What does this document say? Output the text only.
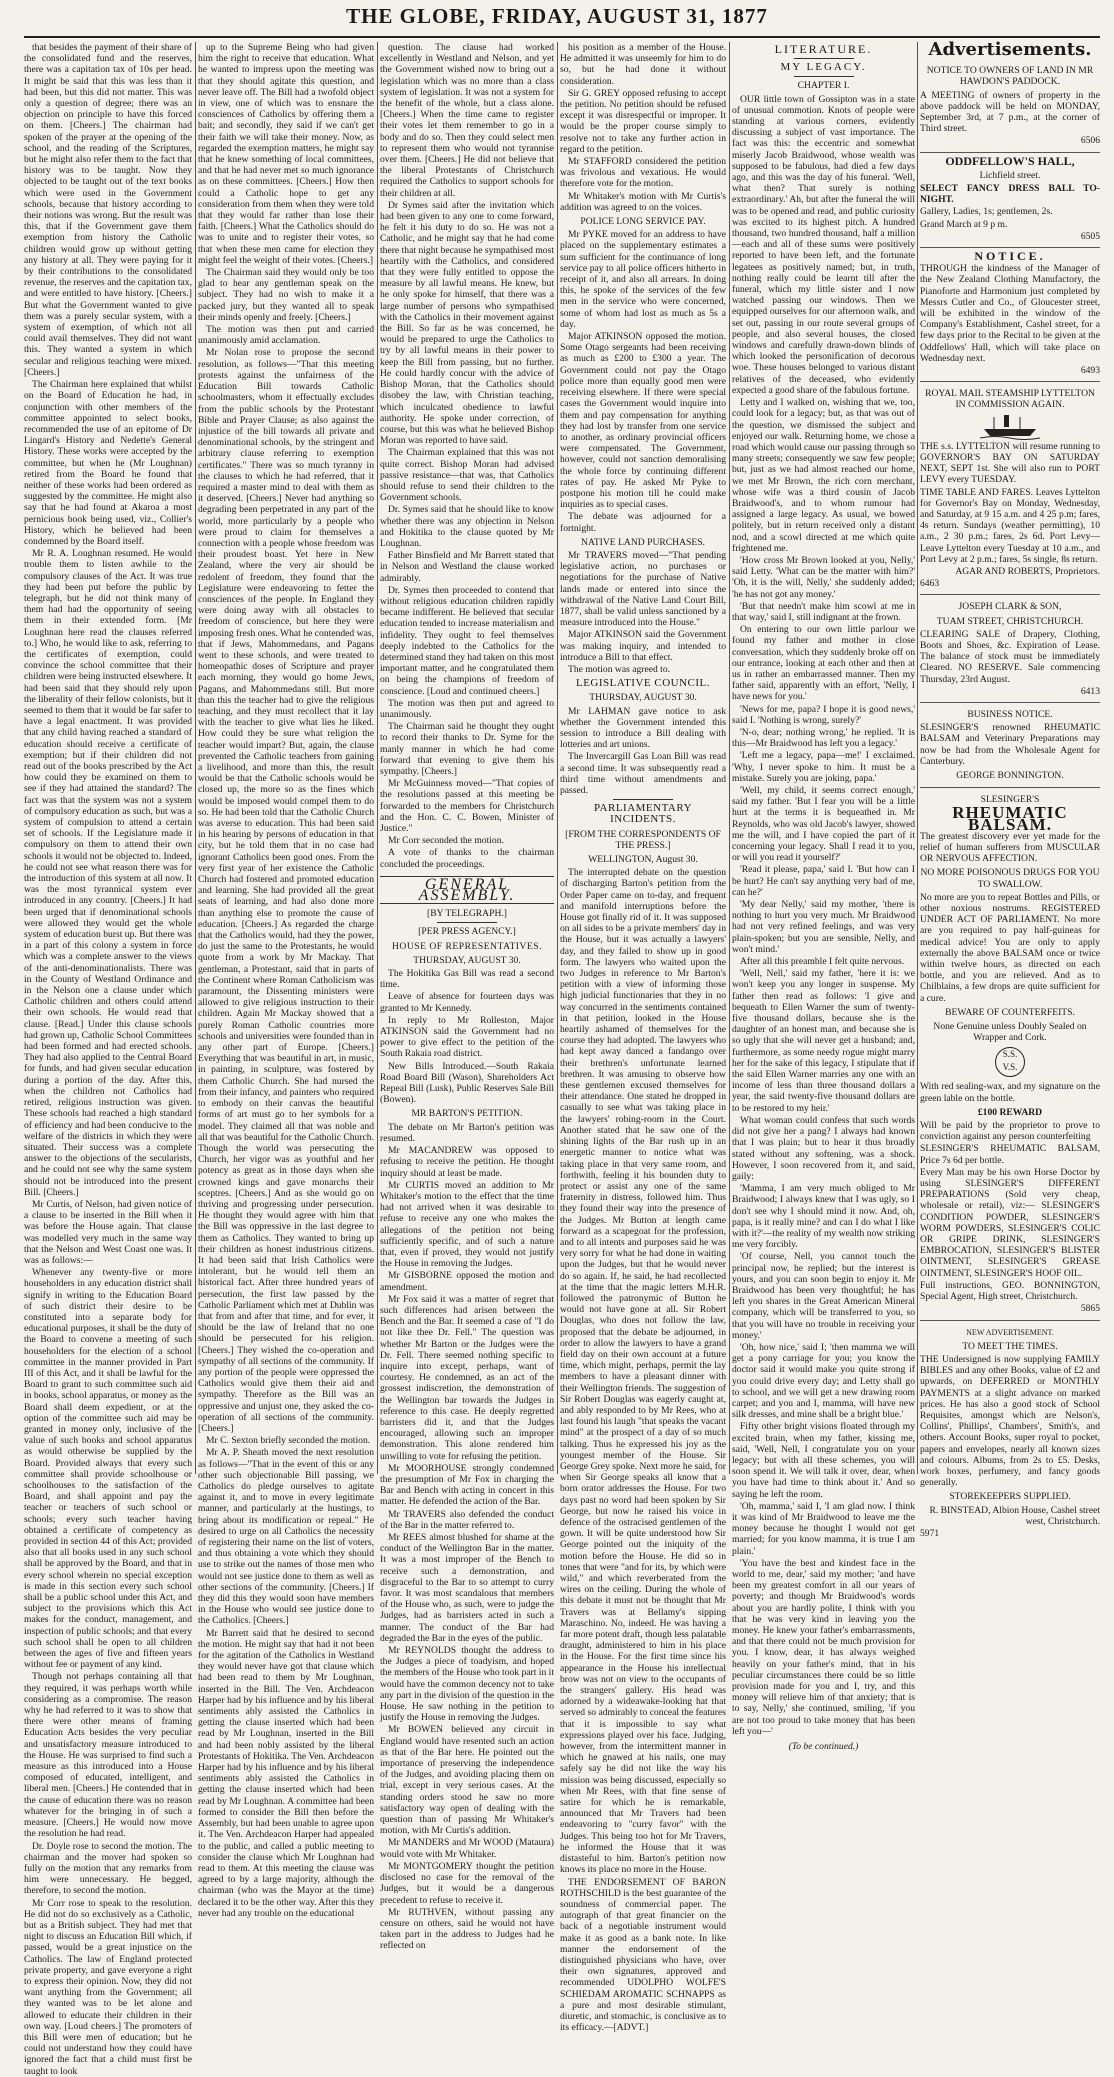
THE GLOBE, FRIDAY, AUGUST 31, 1877

that besides the payment of their share of the consolidated fund and the reserves, there was a capitation tax of 10s per head. It might be said that this was less than it had been, but this did not matter. This was only a question of degree; there was an objection on principle to have this forced on them. [Cheers.] The chairman had spoken of the prayer at the opening of the school, and the reading of the Scriptures, but he might also refer them to the fact that history was to be taught. Now they objected to be taught out of the text books which were used in the Government schools, because that history according to their notions was wrong. But the result was this, that if the Government gave them exemption from history the Catholic children would grow up without getting any history at all. They were paying for it by their contributions to the consolidated revenue, the reserves and the capitation tax, and were entitled to have history. [Cheers.] But what the Government wanted to give them was a purely secular system, with a system of exemption, of which not all could avail themselves. They did not want this. They wanted a system in which secular and religious teaching were mixed. [Cheers.]

The Chairman here explained that whilst on the Board of Education he had, in conjunction with other members of the committee appointed to select books, recommended the use of an epitome of Dr Lingard's History and Nedette's General History. These works were accepted by the committee, but when he (Mr Loughnan) retired from the Board he found that neither of these works had been ordered as suggested by the committee. He might also say that he had found at Akaroa a most pernicious book being used, viz., Collier's History, which he believed had been condemned by the Board itself.

Mr R. A. Loughnan resumed. He would trouble them to listen awhile to the compulsory clauses of the Act. It was true they had been put before the public by telegraph, but he did not think many of them had had the opportunity of seeing them in their extended form. [Mr Loughnan here read the clauses referred to.] Who, he would like to ask, referring to the certificates of exemption, could convince the school committee that their children were being instructed elsewhere. It had been said that they should rely upon the liberality of their fellow colonists, but it seemed to them that it would be far safer to have a legal enactment. It was provided that any child having reached a standard of education should receive a certificate of exemption; but if their children did not read out of the books prescribed by the Act how could they be examined on them to see if they had attained the standard? The fact was that the system was not a system of compulsory education as such, but was a system of compulsion to attend a certain set of schools. If the Legislature made it compulsory on them to attend their own schools it would not be objected to. Indeed, he could not see what reason there was for the introduction of this system at all now. It was the most tyrannical system ever introduced in any country. [Cheers.] It had been urged that if denominational schools were allowed they would get the whole system of education burst up. But there was in a part of this colony a system in force which was a complete answer to the views of the anti-denominationalists. There was in the County of Westland Ordinance and in the Nelson one a clause under which Catholic children and others could attend their own schools. He would read that clause. [Read.] Under this clause schools had grown up, Catholic School Committees had been formed and had erected schools. They had also applied to the Central Board for funds, and had given secular education during a portion of the day. After this, when the children not Catholics had retired, religious instruction was given. These schools had reached a high standard of efficiency and had been conducive to the welfare of the districts in which they were situated. Their success was a complete answer to the objections of the secularists, and he could not see why the same system should not be introduced into the present Bill. [Cheers.]

Mr Curtis, of Nelson, had given notice of a clause to be inserted in the Bill when it was before the House again. That clause was modelled very much in the same way that the Nelson and West Coast one was. It was as follows:—

Whenever any twenty-five or more householders in any education district shall signify in writing to the Education Board of such district their desire to be constituted into a separate body for educational purposes, it shall be the duty of the Board to convene a meeting of such householders for the election of a school committee in the manner provided in Part III of this Act, and it shall be lawful for the Board to grant to such committee such aid in books, school apparatus, or money as the Board shall deem expedient, or at the option of the committee such aid may be granted in money only, inclusive of the value of such books and school apparatus as would otherwise be supplied by the Board. Provided always that every such committee shall provide schoolhouse or schoolhouses to the satisfaction of the Board, and shall appoint and pay the teacher or teachers of such school or schools; every such teacher having obtained a certificate of competency as provided in section 44 of this Act; provided also that all books used in any such school shall be approved by the Board, and that in every school wherein no special exception is made in this section every such school shall be a public school under this Act, and subject to the provisions which this Act makes for the conduct, management, and inspection of public schools; and that every such school shall be open to all children between the ages of five and fifteen years without fee or payment of any kind.

Though not perhaps containing all that they required, it was perhaps worth while considering as a compromise. The reason why he had referred to it was to show that there were other means of framing Education Acts besides the very peculiar and unsatisfactory measure introduced to the House. He was surprised to find such a measure as this introduced into a House composed of educated, intelligent, and liberal men. [Cheers.] He contended that in the cause of education there was no reason whatever for the bringing in of such a measure. [Cheers.] He would now move the resolution he had read.

Dr. Doyle rose to second the motion. The chairman and the mover had spoken so fully on the motion that any remarks from him were unnecessary. He begged, therefore, to second the motion.

Mr Corr rose to speak to the resolution. He did not do so exclusively as a Catholic, but as a British subject. They had met that night to discuss an Education Bill which, if passed, would be a great injustice on the Catholics. The law of England protected private property, and gave everyone a right to express their opinion. Now, they did not want anything from the Government; all they wanted was to be let alone and allowed to educate their children in their own way. [Loud cheers.] The promoters of this Bill were men of education; but he could not understand how they could have ignored the fact that a child must first be taught to look

up to the Supreme Being who had given him the right to receive that education. What he wanted to impress upon the meeting was that they should agitate this question, and never leave off. The Bill had a twofold object in view, one of which was to ensnare the consciences of Catholics by offering them a bait; and secondly, they said if we can't get their faith we will take their money. Now, as regarded the exemption matters, he might say that he knew something of local committees, and that he had never met so much ignorance as on these committees. [Cheers.] How then could a Catholic hope to get any consideration from them when they were told that they would far rather than lose their faith. [Cheers.] What the Catholics should do was to unite and to register their votes, so that when these men came for election they might feel the weight of their votes. [Cheers.]

The Chairman said they would only be too glad to hear any gentleman speak on the subject. They had no wish to make it a packed jury, but they wanted all to speak their minds openly and freely. [Cheers.]

The motion was then put and carried unanimously amid acclamation.

Mr Nolan rose to propose the second resolution, as follows—"That this meeting protests against the unfairness of the Education Bill towards Catholic schoolmasters, whom it effectually excludes from the public schools by the Protestant Bible and Prayer Clause; as also against the injustice of the bill towards all private and denominational schools, by the stringent and arbitrary clause referring to exemption certificates." There was so much tyranny in the clauses to which he had referred, that it required a master mind to deal with them as it deserved. [Cheers.] Never had anything so degrading been perpetrated in any part of the world, more particularly by a people who were proud to claim for themselves a connection with a people whose freedom was their proudest boast. Yet here in New Zealand, where the very air should be redolent of freedom, they found that the Legislature were endeavoring to fetter the consciences of the people. In England they were doing away with all obstacles to freedom of conscience, but here they were imposing fresh ones. What he contended was, that if Jews, Mahommedans, and Pagans went to these schools, and were treated to homeopathic doses of Scripture and prayer each morning, they would go home Jews, Pagans, and Mahommedans still. But more than this the teacher had to give the religious teaching, and they must recollect that it lay with the teacher to give what lies he liked. How could they be sure what religion the teacher would impart? But, again, the clause prevented the Catholic teachers from gaining a livelihood, and more than this, the result would be that the Catholic schools would be closed up, the more so as the fines which would be imposed would compel them to do so. He had been told that the Catholic Church was averse to education. This had been said in his hearing by persons of education in that city, but he told them that in no case had ignorant Catholics been good ones. From the very first year of her existence the Catholic Church had fostered and promoted education and learning. She had provided all the great seats of learning, and had also done more than anything else to promote the cause of education. [Cheers.] As regarded the charge that the Catholics would, had they the power, do just the same to the Protestants, he would quote from a work by Mr Mackay. That gentleman, a Protestant, said that in parts of the Continent where Roman Catholicism was paramount, the Dissenting ministers were allowed to give religious instruction to their children. Again Mr Mackay showed that a purely Roman Catholic countries more schools and universities were founded than in any other part of Europe. [Cheers.] Everything that was beautiful in art, in music, in painting, in sculpture, was fostered by them Catholic Church. She had nursed the from their infancy, and painters who required to embody on their canvas the beautiful forms of art must go to her symbols for a model. They claimed all that was noble and all that was beautiful for the Catholic Church. Though the world was persecuting the Church, her vigor was as youthful and her potency as great as in those days when she crowned kings and gave monarchs their sceptres. [Cheers.] And as she would go on thriving and progressing under persecution. He thought they would agree with him that the Bill was oppressive in the last degree to them as Catholics. They wanted to bring up their children as honest industrious citizens. It had been said that Irish Catholics were intolerant, but he would tell them an historical fact. After three hundred years of persecution, the first law passed by the Catholic Parliament which met at Dublin was that from and after that time, and for ever, it should be the law of Ireland that no one should be persecuted for his religion. [Cheers.] They wished the co-operation and sympathy of all sections of the community. If any portion of the people were oppressed the Catholics would give them their aid and sympathy. Therefore as the Bill was an oppressive and unjust one, they asked the co-operation of all sections of the community. [Cheers.]

Mr C. Sexton briefly seconded the motion.

Mr A. P. Sheath moved the next resolution as follows—"That in the event of this or any other such objectionable Bill passing, we Catholics do pledge ourselves to agitate against it, and to move in every legitimate manner, and particularly at the hustings, to bring about its modification or repeal." He desired to urge on all Catholics the necessity of registering their name on the list of voters, and thus obtaining a vote which they should use to strike out the names of those men who would not see justice done to them as well as other sections of the community. [Cheers.] If they did this they would soon have members in the House who would see justice done to the Catholics. [Cheers.]

Mr Barrett said that he desired to second the motion. He might say that had it not been for the agitation of the Catholics in Westland they would never have got that clause which had been read to them by Mr Loughnan, inserted in the Bill. The Ven. Archdeacon Harper had by his influence and by his liberal sentiments ably assisted the Catholics in getting the clause inserted which had been read by Mr Loughnan, inserted in the Bill and had been nobly assisted by the liberal Protestants of Hokitika. The Ven. Archdeacon Harper had by his influence and by his liberal sentiments ably assisted the Catholics in getting the clause inserted which had been read by Mr Loughnan. A committee had been formed to consider the Bill then before the Assembly, but had been unable to agree upon it. The Ven. Archdeacon Harper had appealed to the public, and called a public meeting to consider the clause which Mr Loughnan had read to them. At this meeting the clause was agreed to by a large majority, although the chairman (who was the Mayor at the time) declared it to be the other way. After this they never had any trouble on the educational

question. The clause had worked excellently in Westland and Nelson, and yet the Government wished now to bring out a legislation which was no more than a class system of legislation. It was not a system for the benefit of the whole, but a class alone. [Cheers.] When the time came to register their votes let them remember to go in a body and do so. Then they could select men to represent them who would not tyrannise over them. [Cheers.] He did not believe that the liberal Protestants of Christchurch required the Catholics to support schools for their children at all.

Dr Symes said after the invitation which had been given to any one to come forward, he felt it his duty to do so. He was not a Catholic, and he might say that he had come there that night because he sympathised most heartily with the Catholics, and considered that they were fully entitled to oppose the measure by all lawful means. He knew, but he only spoke for himself, that there was a large number of persons who sympathised with the Catholics in their movement against the Bill. So far as he was concerned, he would be prepared to urge the Catholics to try by all lawful means in their power to keep the Bill from passing, but no further. He could hardly concur with the advice of Bishop Moran, that the Catholics should disobey the law, with Christian teaching, which inculcated obedience to lawful authority. He spoke under correction, of course, but this was what he believed Bishop Moran was reported to have said.

The Chairman explained that this was not quite correct. Bishop Moran had advised passive resistance—that was, that Catholics should refuse to send their children to the Government schools.

Dr. Symes said that he should like to know whether there was any objection in Nelson and Hokitika to the clause quoted by Mr Loughnan.

Father Binsfield and Mr Barrett stated that in Nelson and Westland the clause worked admirably.

Dr. Symes then proceeded to contend that without religious education children rapidly became indifferent. He believed that secular education tended to increase materialism and infidelity. They ought to feel themselves deeply indebted to the Catholics for the determined stand they had taken on this most important matter, and he congratulated them on being the champions of freedom of conscience. [Loud and continued cheers.]

The motion was then put and agreed to unanimously.

The Chairman said he thought they ought to record their thanks to Dr. Syme for the manly manner in which he had come forward that evening to give them his sympathy. [Cheers.]

Mr McGuinness moved—"That copies of the resolutions passed at this meeting be forwarded to the members for Christchurch and the Hon. C. C. Bowen, Minister of Justice."

Mr Corr seconded the motion.

A vote of thanks to the chairman concluded the proceedings.

GENERAL ASSEMBLY.

[BY TELEGRAPH.]

[PER PRESS AGENCY.]

HOUSE OF REPRESENTATIVES.

THURSDAY, AUGUST 30.

The Hokitika Gas Bill was read a second time.

Leave of absence for fourteen days was granted to Mr Kennedy.

In reply to Mr Rolleston, Major ATKINSON said the Government had no power to give effect to the petition of the South Rakaia road district.

New Bills Introduced.—South Rakaia Road Board Bill (Wason), Shareholders Act Repeal Bill (Lusk), Public Reserves Sale Bill (Bowen).

MR BARTON'S PETITION.

The debate on Mr Barton's petition was resumed.

Mr MACANDREW was opposed to refusing to receive the petition. He thought inquiry should at least be made.

Mr CURTIS moved an addition to Mr Whitaker's motion to the effect that the time had not arrived when it was desirable to refuse to receive any one who makes the allegations of the petition not being sufficiently specific, and of such a nature that, even if proved, they would not justify the House in removing the Judges.

Mr GISBORNE opposed the motion and amendment.

Mr Fox said it was a matter of regret that such differences had arisen between the Bench and the Bar. It seemed a case of "I do not like thee Dr. Fell." The question was whether Mr Barton or the Judges were the Dr. Fell. There seemed nothing specific to inquire into except, perhaps, want of courtesy. He condemned, as an act of the grossest indiscretion, the demonstration of the Wellington bar towards the Judges in reference to this case. He deeply regretted barristers did it, and that the Judges encouraged, allowing such an improper demonstration. This alone rendered him unwilling to vote for refusing the petition.

Mr MOORHOUSE strongly condemned the presumption of Mr Fox in charging the Bar and Bench with acting in concert in this matter. He defended the action of the Bar.

Mr TRAVERS also defended the conduct of the Bar in the matter referred to.

Mr REES almost blushed for shame at the conduct of the Wellington Bar in the matter. It was a most improper of the Bench to receive such a demonstration, and disgraceful to the Bar to so attempt to curry favor. It was most scandalous that members of the House who, as such, were to judge the Judges, had as barristers acted in such a manner. The conduct of the Bar had degraded the Bar in the eyes of the public.

Mr REYNOLDS thought the address to the Judges a piece of toadyism, and hoped the members of the House who took part in it would have the common decency not to take any part in the division of the question in the House. He saw nothing in the petition to justify the House in removing the Judges.

Mr BOWEN believed any circuit in England would have resented such an action as that of the Bar here. He pointed out the importance of preserving the independence of the Judges, and avoiding placing them on trial, except in very serious cases. At the standing orders stood he saw no more satisfactory way open of dealing with the question than of passing Mr Whitaker's motion, with Mr Curtis's addition.

Mr MANDERS and Mr WOOD (Mataura) would vote with Mr Whitaker.

Mr MONTGOMERY thought the petition disclosed no case for the removal of the Judges, but it would be a dangerous precedent to refuse to receive it.

Mr RUTHVEN, without passing any censure on others, said he would not have taken part in the address to Judges had he reflected on

his position as a member of the House. He admitted it was unseemly for him to do so, but he had done it without consideration.

Sir G. GREY opposed refusing to accept the petition. No petition should be refused except it was disrespectful or improper. It would be the proper course simply to resolve not to take any further action in regard to the petition.

Mr STAFFORD considered the petition was frivolous and vexatious. He would therefore vote for the motion.

Mr Whitaker's motion with Mr Curtis's addition was agreed to on the voices.

POLICE LONG SERVICE PAY.

Mr PYKE moved for an address to have placed on the supplementary estimates a sum sufficient for the continuance of long service pay to all police officers hitherto in receipt of it, and also all arrears. In doing this, he spoke of the services of the few men in the service who were concerned, some of whom had lost as much as 5s a day.

Major ATKINSON opposed the motion. Some Otago sergeants had been receiving as much as £200 to £300 a year. The Government could not pay the Otago police more than equally good men were receiving elsewhere. If there were special cases the Government would inquire into them and pay compensation for anything they had lost by transfer from one service to another, as ordinary provincial officers were compensated. The Government, however, could not sanction demoralising the whole force by continuing different rates of pay. He asked Mr Pyke to postpone his motion till he could make inquiries as to special cases.

The debate was adjourned for a fortnight.

NATIVE LAND PURCHASES.

Mr TRAVERS moved—"That pending legislative action, no purchases or negotiations for the purchase of Native lands made or entered into since the withdrawal of the Native Land Court Bill, 1877, shall be valid unless sanctioned by a measure introduced into the House."

Major ATKINSON said the Government was making inquiry, and intended to introduce a Bill to that effect.

The motion was agreed to.

LEGISLATIVE COUNCIL.

THURSDAY, AUGUST 30.

Mr LAHMAN gave notice to ask whether the Government intended this session to introduce a Bill dealing with lotteries and art unions.

The Invercargill Gas Loan Bill was read a second time. It was subsequently read a third time without amendments and passed.

PARLIAMENTARY INCIDENTS.

[FROM THE CORRESPONDENTS OF THE PRESS.]

WELLINGTON, August 30.

The interrupted debate on the question of discharging Barton's petition from the Order Paper came on to-day, and frequent and manifold interruptions before the House got finally rid of it. It was supposed on all sides to be a private members' day in the House, but it was actually a lawyers' day, and they failed to show up in good form. The lawyers who waited upon the two Judges in reference to Mr Barton's petition with a view of informing those high judicial functionaries that they in no way concurred in the sentiments contained in that petition, looked in the House heartily ashamed of themselves for the course they had adopted. The lawyers who had kept away danced a fandango over their brethren's unfortunate learned brethren. It was amusing to observe how these gentlemen excused themselves for their attendance. One stated he dropped in casually to see what was taking place in the lawyers' robing-room in the Court. Another stated that he saw one of the shining lights of the Bar rush up in an energetic manner to notice what was taking place in that very same room, and forthwith, feeling it his bounden duty to protect or assist any one of the same fraternity in distress, followed him. Thus they found their way into the presence of the Judges. Mr Button at length came forward as a scapegoat for the profession, and to all intents and purposes said he was very sorry for what he had done in waiting upon the Judges, but that he would never do so again. If, he said, he had recollected at the time that the magic letters M.H.R. followed the patronymic of Button he would not have gone at all. Sir Robert Douglas, who does not follow the law, proposed that the debate be adjourned, in order to allow the lawyers to have a grand field day on their own account at a future time, which might, perhaps, permit the lay members to have a pleasant dinner with their Wellington friends. The suggestion of Sir Robert Douglas was eagerly caught at, and ably responded to by Mr Rees, who at last found his laugh "that speaks the vacant mind" at the prospect of a day of so much talking. Thus he expressed his joy as the youngest member of the House. Sir George Grey spoke. Next more he said, for when Sir George speaks all know that a born orator addresses the House. For two days past no word had been spoken by Sir George, but now he raised his voice in defence of the ostracised gentlemen of the gown. It will be quite understood how Sir George pointed out the iniquity of the motion before the House. He did so in tones that were "and for its, by which were wild," and which reverberated from the wires on the ceiling. During the whole of this debate it must not be thought that Mr Travers was at Bellamy's sipping Maraschino. No, indeed. He was having a far more potent draft, though less palatable draught, administered to him in his place in the House. For the first time since his appearance in the House his intellectual brow was not on view to the occupants of the strangers' gallery. His head was adorned by a wideawake-looking hat that served so admirably to conceal the features that it is impossible to say what expressions played over his face. Judging, however, from the intermittent manner in which he gnawed at his nails, one may safely say he did not like the way his mission was being discussed, especially so when Mr Rees, with that fine sense of satire for which he is remarkable, announced that Mr Travers had been endeavoring to "curry favor" with the Judges. This being too hot for Mr Travers, he informed the House that it was distasteful to him. Barton's petition now knows its place no more in the House.

THE ENDORSEMENT OF BARON ROTHSCHILD is the best guarantee of the soundness of commercial paper. The autograph of that great financier on the back of a negotiable instrument would make it as good as a bank note. In like manner the endorsement of the distinguished physicians who have, over their own signatures, approved and recommended UDOLPHO WOLFE'S SCHIEDAM AROMATIC SCHNAPPS as a pure and most desirable stimulant, diuretic, and stomachic, is conclusive as to its efficacy.—[ADVT.]

LITERATURE.
MY LEGACY.

CHAPTER I.

OUR little town of Gossipton was in a state of unusual commotion. Knots of people were standing at various corners, evidently discussing a subject of vast importance. The fact was this: the eccentric and somewhat miserly Jacob Braidwood, whose wealth was supposed to be fabulous, had died a few days ago, and this was the day of his funeral. 'Well, what then? That surely is nothing extraordinary.' Ah, but after the funeral the will was to be opened and read, and public curiosity was excited to its highest pitch. A hundred thousand, two hundred thousand, half a million—each and all of these sums were positively reported to have been left, and the fortunate legatees as positively named; but, in truth, nothing really could be learnt till after the funeral, which my little sister and I now watched passing our windows. Then we equipped ourselves for our afternoon walk, and set out, passing in our route several groups of people, and also several houses, the closed windows and carefully drawn-down blinds of which looked the personification of decorous woe. These houses belonged to various distant relatives of the deceased, who evidently expected a good share of the fabulous fortune.

Letty and I walked on, wishing that we, too, could look for a legacy; but, as that was out of the question, we dismissed the subject and enjoyed our walk. Returning home, we chose a road which would cause our passing through so many streets; consequently we saw few people; but, just as we had almost reached our home, we met Mr Brown, the rich corn merchant, whose wife was a third cousin of Jacob Braidwood's, and to whom rumour had assigned a large legacy. As usual, we bowed politely, but in return received only a distant nod, and a scowl directed at me which quite frightened me.

'How cross Mr Brown looked at you, Nelly,' said Letty. 'What can be the matter with him?' 'Oh, it is the will, Nelly,' she suddenly added; 'he has not got any money.'

'But that needn't make him scowl at me in that way,' said I, still indignant at the frown.

On entering to our own little parlour we found my father and mother in close conversation, which they suddenly broke off on our entrance, looking at each other and then at us in rather an embarrassed manner. Then my father said, apparently with an effort, 'Nelly, I have news for you.'

'News for me, papa? I hope it is good news,' said I. 'Nothing is wrong, surely?'

'N-o, dear; nothing wrong,' he replied. 'It is this—Mr Braidwood has left you a legacy.'

'Left me a legacy, papa—me!' I exclaimed. 'Why, I never spoke to him. It must be a mistake. Surely you are joking, papa.'

'Well, my child, it seems correct enough,' said my father. 'But I fear you will be a little hurt at the terms it is bequeathed in. Mr Reynolds, who was old Jacob's lawyer, showed me the will, and I have copied the part of it concerning your legacy. Shall I read it to you, or will you read it yourself?'

'Read it please, papa,' said I. 'But how can I be hurt? He can't say anything very bad of me, can he?'

'My dear Nelly,' said my mother, 'there is nothing to hurt you very much. Mr Braidwood had not very refined feelings, and was very plain-spoken; but you are sensible, Nelly, and won't mind.'

After all this preamble I felt quite nervous.

'Well, Nell,' said my father, 'here it is: we won't keep you any longer in suspense. My father then read as follows: 'I give and bequeath to Ellen Warner the sum of twenty-five thousand dollars, because she is the daughter of an honest man, and because she is so ugly that she will never get a husband; and, furthermore, as some needy rogue might marry her for the sake of this legacy, I stipulate that if the said Ellen Warner marries any one with an income of less than three thousand dollars a year, the said twenty-five thousand dollars are to be restored to my heir.'

What woman could confess that such words did not give her a pang? I always had known that I was plain; but to hear it thus broadly stated without any softening, was a shock. However, I soon recovered from it, and said, gaily:

'Mamma, I am very much obliged to Mr Braidwood; I always knew that I was ugly, so I don't see why I should mind it now. And, oh, papa, is it really mine? and can I do what I like with it?'—the reality of my wealth now striking me very forcibly.

'Of course, Nell, you cannot touch the principal now, he replied; but the interest is yours, and you can soon begin to enjoy it. Mr Braidwood has been very thoughtful; he has left you shares in the Great American Mineral company, which will be transferred to you, so that you will have no trouble in receiving your money.'

'Oh, how nice,' said I; 'then mamma we will get a pony carriage for you; you know the doctor said it would make you quite strong if you could drive every day; and Letty shall go to school, and we will get a new drawing room carpet; and you and I, mamma, will have new silk dresses, and mine shall be a bright blue.'

Fifty other bright visions floated through my excited brain, when my father, kissing me, said, 'Well, Nell, I congratulate you on your legacy; but with all these schemes, you will soon spend it. We will talk it over, dear, when you have had time to think about it.' And so saying he left the room.

'Oh, mamma,' said I, 'I am glad now. I think it was kind of Mr Braidwood to leave me the money because he thought I would not get married; for you know mamma, it is true I am plain.'

'You have the best and kindest face in the world to me, dear,' said my mother; 'and have been my greatest comfort in all our years of poverty; and though Mr Braidwood's words about you are hardly polite, I think with you that he was very kind in leaving you the money. He knew your father's embarrassments, and that there could not be much provision for you. I know, dear, it has always weighed heavily on your father's mind, that in his peculiar circumstances there could be so little provision made for you and I, try, and this money will relieve him of that anxiety; that is to say, Nelly,' she continued, smiling, 'if you are not too proud to take money that has been left you—'

(To be continued.)

Advertisements.

NOTICE TO OWNERS OF LAND IN MR HAWDON'S PADDOCK.

A MEETING of owners of property in the above paddock will be held on MONDAY, September 3rd, at 7 p.m., at the corner of Third street.

6506

ODDFELLOW'S HALL,

Lichfield street.

SELECT FANCY DRESS BALL TO-NIGHT.

Gallery, Ladies, 1s; gentlemen, 2s.

Grand March at 9 p m.

6505

NOTICE.

THROUGH the kindness of the Manager of the New Zealand Clothing Manufactory, the Pianoforte and Harmonium just completed by Messrs Cutler and Co., of Gloucester street, will be exhibited in the window of the Company's Establishment, Cashel street, for a few days prior to the Recital to be given at the Oddfellows' Hall, which will take place on Wednesday next.

6493

ROYAL MAIL STEAMSHIP LYTTELTON IN COMMISSION AGAIN.

THE s.s. LYTTELTON will resume running to GOVERNOR'S BAY ON SATURDAY NEXT, SEPT 1st. She will also run to PORT LEVY every TUESDAY.

TIME TABLE AND FARES. Leaves Lyttelton for Governor's Bay on Monday, Wednesday, and Saturday, at 9 15 a.m. and 4 25 p.m; fares, 4s return. Sundays (weather permitting), 10 a.m., 2 30 p.m.; fares, 2s 6d. Port Levy—Leave Lyttelton every Tuesday at 10 a.m., and Port Levy at 2 p.m.; fares, 5s single, 8s return.

AGAR AND ROBERTS, Proprietors.

6463

JOSEPH CLARK & SON,

TUAM STREET, CHRISTCHURCH.

CLEARING SALE of Drapery, Clothing, Boots and Shoes, &c. Expiration of Lease. The balance of stock must be immediately Cleared. NO RESERVE. Sale commencing Thursday, 23rd August.

6413

BUSINESS NOTICE.

SLESINGER'S renowned RHEUMATIC BALSAM and Veterinary Preparations may now be had from the Wholesale Agent for Canterbury.

GEORGE BONNINGTON.

SLESINGER'S

RHEUMATIC BALSAM.

The greatest discovery ever yet made for the relief of human sufferers from MUSCULAR OR NERVOUS AFFECTION.

NO MORE POISONOUS DRUGS FOR YOU TO SWALLOW.

No more are you to repeat Bottles and Pills, or other noxious nostrums. REGISTERED UNDER ACT OF PARLIAMENT. No more are you required to pay half-guineas for medical advice! You are only to apply externally the above BALSAM once or twice within twelve hours, as directed on each bottle, and you are relieved. And as to Chilblains, a few drops are quite sufficient for a cure.

BEWARE OF COUNTERFEITS.

None Genuine unless Doubly Sealed on Wrapper and Cork.

S.S. V.S.

With red sealing-wax, and my signature on the green lable on the bottle.

£100 REWARD

Will be paid by the proprietor to prove to conviction against any person counterfeiting

SLESINGER'S RHEUMATIC BALSAM, Price 7s 6d per bottle.

Every Man may be his own Horse Doctor by using SLESINGER'S DIFFERENT PREPARATIONS (Sold very cheap, wholesale or retail), viz:— SLESINGER'S CONDITION POWDER, SLESINGER'S WORM POWDERS, SLESINGER'S COLIC OR GRIPE DRINK, SLESINGER'S EMBROCATION, SLESINGER'S BLISTER OINTMENT, SLESINGER'S GREASE OINTMENT, SLESINGER'S HOOF OIL.

Full instructions, GEO. BONNINGTON, Special Agent, High street, Christchurch.

5865

NEW ADVERTISEMENT.

TO MEET THE TIMES.

THE Undersigned is now supplying FAMILY BIBLES and any other Books, value of £2 and upwards, on DEFERRED or MONTHLY PAYMENTS at a slight advance on marked prices. He has also a good stock of School Requisites, amongst which are Nelson's, Collins', Phillips', Chambers', Smith's, and others. Account Books, super royal to pocket, papers and envelopes, nearly all known sizes and colours. Albums, from 2s to £5. Desks, work boxes, perfumery, and fancy goods generally.

STOREKEEPERS SUPPLIED.

R. BINSTEAD, Albion House, Cashel street west, Christchurch.

5971
